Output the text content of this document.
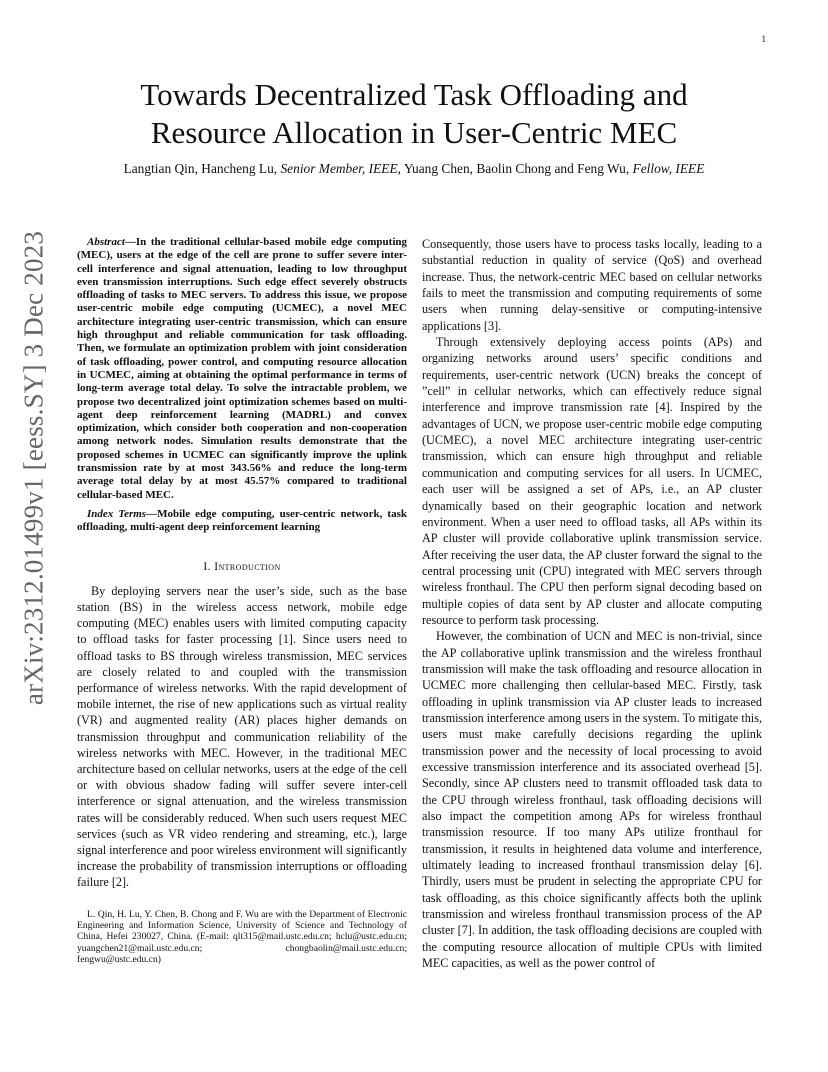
1
arXiv:2312.01499v1 [eess.SY] 3 Dec 2023
Towards Decentralized Task Offloading and
Resource Allocation in User-Centric MEC
Langtian Qin, Hancheng Lu, Senior Member, IEEE, Yuang Chen, Baolin Chong and Feng Wu, Fellow, IEEE

Abstract—In the traditional cellular-based mobile edge computing (MEC), users at the edge of the cell are prone to suffer severe inter-cell interference and signal attenuation, leading to low throughput even transmission interruptions. Such edge effect severely obstructs offloading of tasks to MEC servers. To address this issue, we propose user-centric mobile edge computing (UCMEC), a novel MEC architecture integrating user-centric transmission, which can ensure high throughput and reliable communication for task offloading. Then, we formulate an optimization problem with joint consideration of task offloading, power control, and computing resource allocation in UCMEC, aiming at obtaining the optimal performance in terms of long-term average total delay. To solve the intractable problem, we propose two decentralized joint optimization schemes based on multi-agent deep reinforcement learning (MADRL) and convex optimization, which consider both cooperation and non-cooperation among network nodes. Simulation results demonstrate that the proposed schemes in UCMEC can significantly improve the uplink transmission rate by at most 343.56% and reduce the long-term average total delay by at most 45.57% compared to traditional cellular-based MEC.

Index Terms—Mobile edge computing, user-centric network, task offloading, multi-agent deep reinforcement learning

I. Introduction

By deploying servers near the user’s side, such as the base station (BS) in the wireless access network, mobile edge computing (MEC) enables users with limited computing capacity to offload tasks for faster processing [1]. Since users need to offload tasks to BS through wireless transmission, MEC services are closely related to and coupled with the transmission performance of wireless networks. With the rapid development of mobile internet, the rise of new applications such as virtual reality (VR) and augmented reality (AR) places higher demands on transmission throughput and communication reliability of the wireless networks with MEC. However, in the traditional MEC architecture based on cellular networks, users at the edge of the cell or with obvious shadow fading will suffer severe inter-cell interference or signal attenuation, and the wireless transmission rates will be considerably reduced. When such users request MEC services (such as VR video rendering and streaming, etc.), large signal interference and poor wireless environment will significantly increase the probability of transmission interruptions or offloading failure [2].

L. Qin, H. Lu, Y. Chen, B. Chong and F. Wu are with the Department of Electronic Engineering and Information Science, University of Science and Technology of China, Hefei 230027, China. (E-mail: qlt315@mail.ustc.edu.cn; hclu@ustc.edu.cn; yuangchen21@mail.ustc.edu.cn; chongbaolin@mail.ustc.edu.cn; fengwu@ustc.edu.cn)

Consequently, those users have to process tasks locally, leading to a substantial reduction in quality of service (QoS) and overhead increase. Thus, the network-centric MEC based on cellular networks fails to meet the transmission and computing requirements of some users when running delay-sensitive or computing-intensive applications [3].

Through extensively deploying access points (APs) and organizing networks around users’ specific conditions and requirements, user-centric network (UCN) breaks the concept of ”cell” in cellular networks, which can effectively reduce signal interference and improve transmission rate [4]. Inspired by the advantages of UCN, we propose user-centric mobile edge computing (UCMEC), a novel MEC architecture integrating user-centric transmission, which can ensure high throughput and reliable communication and computing services for all users. In UCMEC, each user will be assigned a set of APs, i.e., an AP cluster dynamically based on their geographic location and network environment. When a user need to offload tasks, all APs within its AP cluster will provide collaborative uplink transmission service. After receiving the user data, the AP cluster forward the signal to the central processing unit (CPU) integrated with MEC servers through wireless fronthaul. The CPU then perform signal decoding based on multiple copies of data sent by AP cluster and allocate computing resource to perform task processing.

However, the combination of UCN and MEC is non-trivial, since the AP collaborative uplink transmission and the wireless fronthaul transmission will make the task offloading and resource allocation in UCMEC more challenging then cellular-based MEC. Firstly, task offloading in uplink transmission via AP cluster leads to increased transmission interference among users in the system. To mitigate this, users must make carefully decisions regarding the uplink transmission power and the necessity of local processing to avoid excessive transmission interference and its associated overhead [5]. Secondly, since AP clusters need to transmit offloaded task data to the CPU through wireless fronthaul, task offloading decisions will also impact the competition among APs for wireless fronthaul transmission resource. If too many APs utilize fronthaul for transmission, it results in heightened data volume and interference, ultimately leading to increased fronthaul transmission delay [6]. Thirdly, users must be prudent in selecting the appropriate CPU for task offloading, as this choice significantly affects both the uplink transmission and wireless fronthaul transmission process of the AP cluster [7]. In addition, the task offloading decisions are coupled with the computing resource allocation of multiple CPUs with limited MEC capacities, as well as the power control of
